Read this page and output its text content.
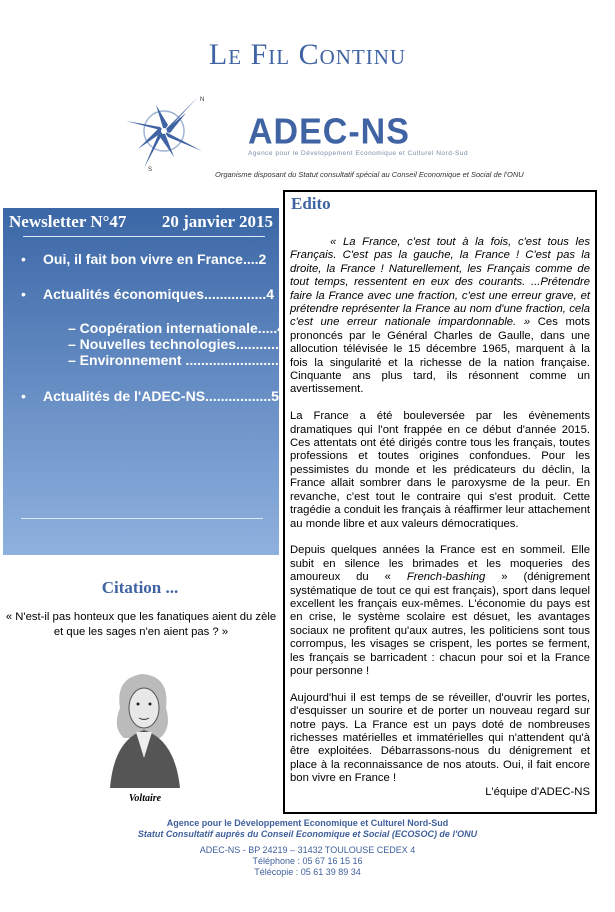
Le Fil Continu
N
S
ADEC-NS
Agence pour le Développement Economique et Culturel Nord-Sud
Organisme disposant du Statut consultatif spécial au Conseil Economique et Social de l'ONU
Newsletter N°47 20 janvier 2015
• Oui, il fait bon vivre en France....2
• Actualités économiques................4
– Coopération internationale.....4
– Nouvelles technologies...........4
– Environnement ........................5
• Actualités de l'ADEC-NS.................5
Edito

« La France, c'est tout à la fois, c'est tous les Français. C'est pas la gauche, la France ! C'est pas la droite, la France ! Naturellement, les Français comme de tout temps, ressentent en eux des courants. ...Prétendre faire la France avec une fraction, c'est une erreur grave, et prétendre représenter la France au nom d'une fraction, cela c'est une erreur nationale impardonnable. » Ces mots prononcés par le Général Charles de Gaulle, dans une allocution télévisée le 15 décembre 1965, marquent à la fois la singularité et la richesse de la nation française. Cinquante ans plus tard, ils résonnent comme un avertissement.

La France a été bouleversée par les évènements dramatiques qui l'ont frappée en ce début d'année 2015. Ces attentats ont été dirigés contre tous les français, toutes professions et toutes origines confondues. Pour les pessimistes du monde et les prédicateurs du déclin, la France allait sombrer dans le paroxysme de la peur. En revanche, c'est tout le contraire qui s'est produit. Cette tragédie a conduit les français à réaffirmer leur attachement au monde libre et aux valeurs démocratiques.

Depuis quelques années la France est en sommeil. Elle subit en silence les brimades et les moqueries des amoureux du « French-bashing » (dénigrement systématique de tout ce qui est français), sport dans lequel excellent les français eux-mêmes. L'économie du pays est en crise, le système scolaire est désuet, les avantages sociaux ne profitent qu'aux autres, les politiciens sont tous corrompus, les visages se crispent, les portes se ferment, les français se barricadent : chacun pour soi et la France pour personne !

Aujourd'hui il est temps de se réveiller, d'ouvrir les portes, d'esquisser un sourire et de porter un nouveau regard sur notre pays. La France est un pays doté de nombreuses richesses matérielles et immatérielles qui n'attendent qu'à être exploitées. Débarrassons-nous du dénigrement et place à la reconnaissance de nos atouts. Oui, il fait encore bon vivre en France !

L'équipe d'ADEC-NS
Citation ...
« N'est-il pas honteux que les fanatiques aient du zèle et que les sages n'en aient pas ? »
Voltaire
Agence pour le Développement Economique et Culturel Nord-Sud
Statut Consultatif auprès du Conseil Economique et Social (ECOSOC) de l'ONU
ADEC-NS - BP 24219 – 31432 TOULOUSE CEDEX 4
Téléphone : 05 67 16 15 16
Télécopie : 05 61 39 89 34
